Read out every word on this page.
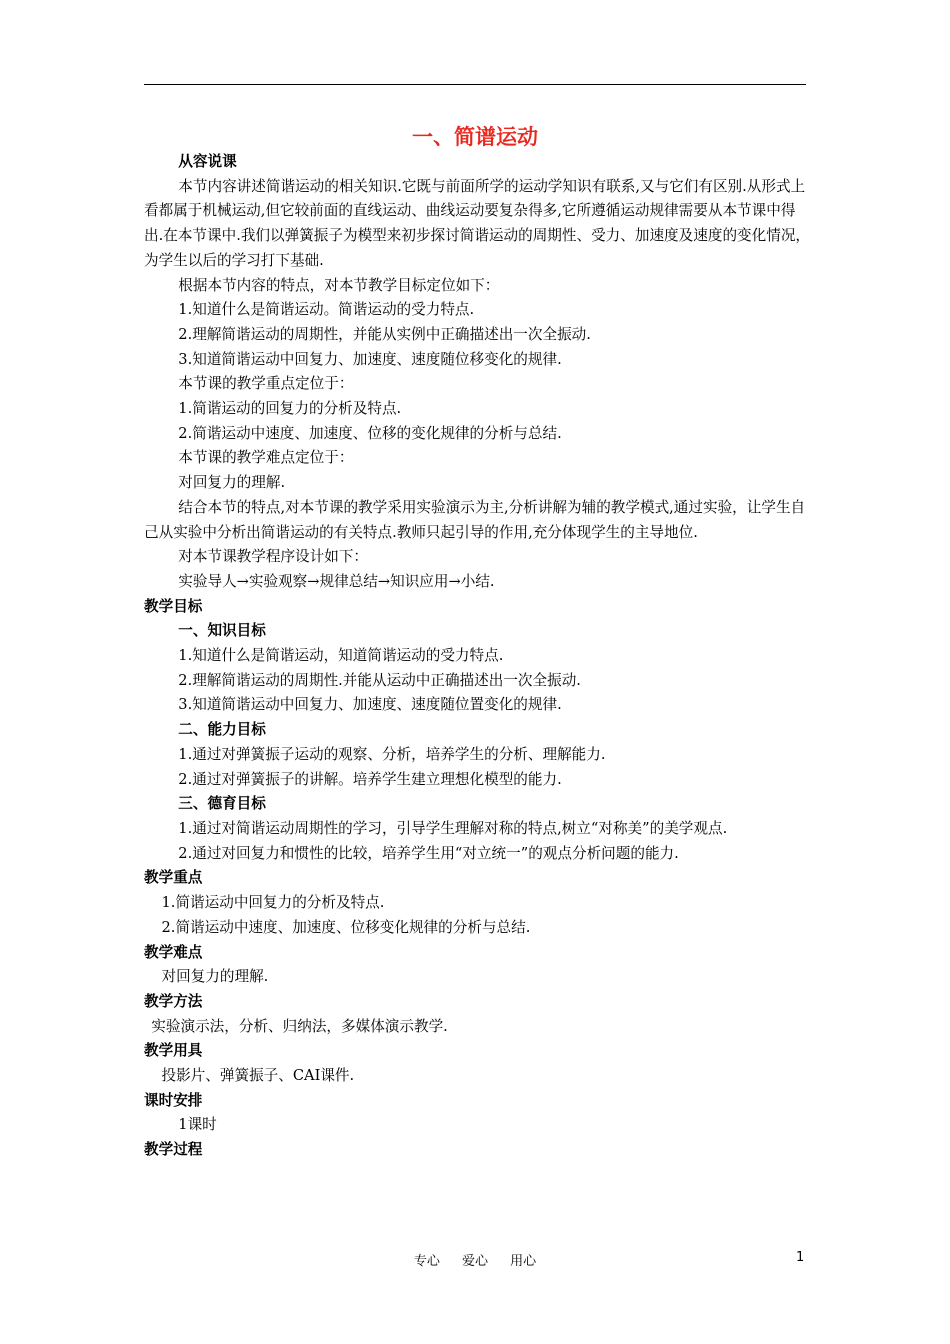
一、简谱运动

从容说课

本节内容讲述简谐运动的相关知识.它既与前面所学的运动学知识有联系,又与它们有区别.从形式上看都属于机械运动,但它较前面的直线运动、曲线运动要复杂得多,它所遵循运动规律需要从本节课中得出.在本节课中.我们以弹簧振子为模型来初步探讨简谐运动的周期性、受力、加速度及速度的变化情况，为学生以后的学习打下基础.

根据本节内容的特点，对本节教学目标定位如下：

1.知道什么是简谐运动。简谐运动的受力特点.

2.理解简谐运动的周期性，并能从实例中正确描述出一次全振动.

3.知道简谐运动中回复力、加速度、速度随位移变化的规律.

本节课的教学重点定位于：

1.简谐运动的回复力的分析及特点.

2.简谐运动中速度、加速度、位移的变化规律的分析与总结.

本节课的教学难点定位于：

对回复力的理解.

结合本节的特点,对本节课的教学采用实验演示为主,分析讲解为辅的教学模式,通过实验，让学生自己从实验中分析出简谐运动的有关特点.教师只起引导的作用,充分体现学生的主导地位.

对本节课教学程序设计如下：

实验导人→实验观察→规律总结→知识应用→小结.

教学目标

一、知识目标

1.知道什么是简谐运动，知道简谐运动的受力特点.

2.理解简谐运动的周期性.并能从运动中正确描述出一次全振动.

3.知道简谐运动中回复力、加速度、速度随位置变化的规律.

二、能力目标

1.通过对弹簧振子运动的观察、分析，培养学生的分析、理解能力.

2.通过对弹簧振子的讲解。培养学生建立理想化模型的能力.

三、德育目标

1.通过对简谐运动周期性的学习，引导学生理解对称的特点,树立“对称美”的美学观点.

2.通过对回复力和惯性的比较，培养学生用“对立统一”的观点分析问题的能力.

教学重点

1.简谐运动中回复力的分析及特点.

2.简谐运动中速度、加速度、位移变化规律的分析与总结.

教学难点

对回复力的理解.

教学方法

实验演示法，分析、归纳法，多媒体演示教学.

教学用具

投影片、弹簧振子、CAI课件.

课时安排

1课时

教学过程

专心 爱心 用心	1
